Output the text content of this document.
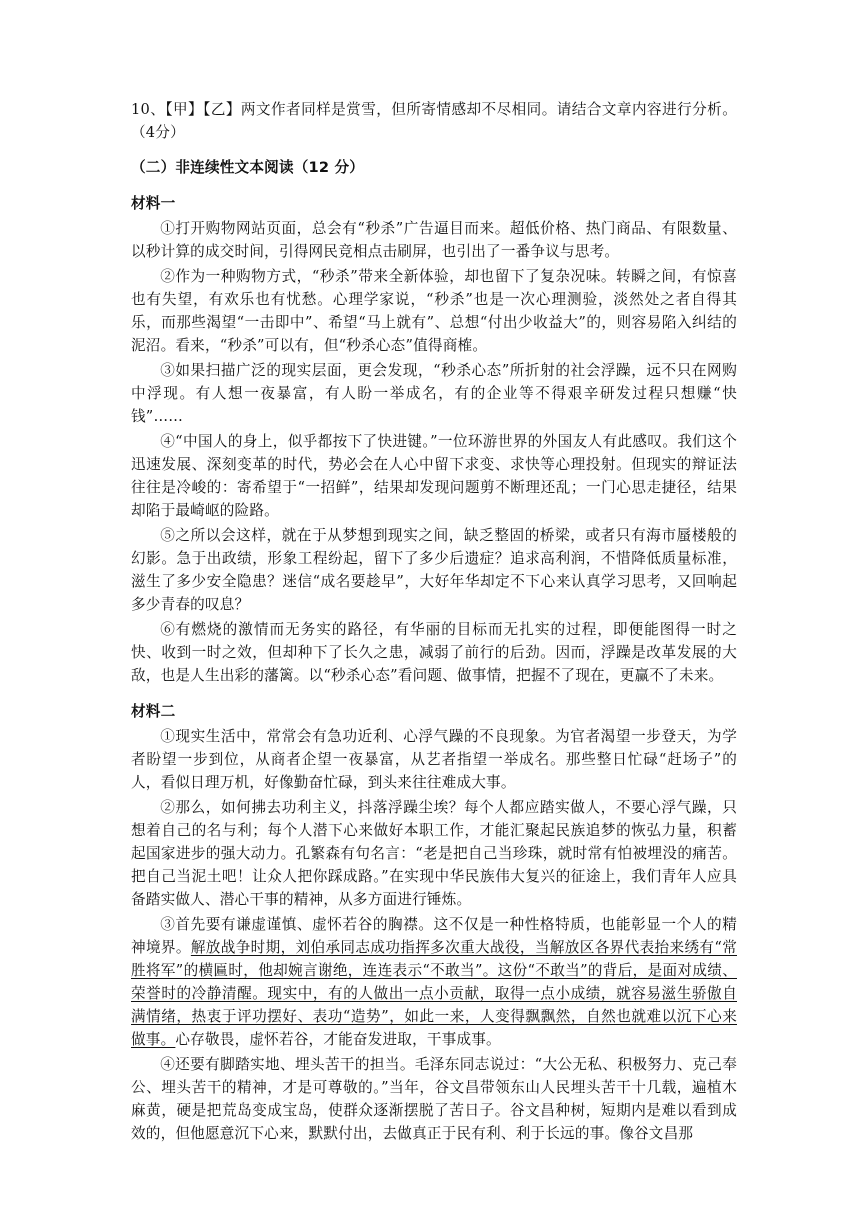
10、【甲】【乙】两文作者同样是赏雪，但所寄情感却不尽相同。请结合文章内容进行分析。（4分）

（二）非连续性文本阅读（12 分）

材料一

①打开购物网站页面，总会有“秒杀”广告逼目而来。超低价格、热门商品、有限数量、以秒计算的成交时间，引得网民竞相点击刷屏，也引出了一番争议与思考。

②作为一种购物方式，“秒杀”带来全新体验，却也留下了复杂况味。转瞬之间，有惊喜也有失望，有欢乐也有忧愁。心理学家说，“秒杀”也是一次心理测验，淡然处之者自得其乐，而那些渴望“一击即中”、希望“马上就有”、总想“付出少收益大”的，则容易陷入纠结的泥沼。看来，“秒杀”可以有，但“秒杀心态”值得商榷。

③如果扫描广泛的现实层面，更会发现，“秒杀心态”所折射的社会浮躁，远不只在网购中浮现。有人想一夜暴富，有人盼一举成名，有的企业等不得艰辛研发过程只想赚“快钱”……

④“中国人的身上，似乎都按下了快进键。”一位环游世界的外国友人有此感叹。我们这个迅速发展、深刻变革的时代，势必会在人心中留下求变、求快等心理投射。但现实的辩证法往往是冷峻的：寄希望于“一招鲜”，结果却发现问题剪不断理还乱；一门心思走捷径，结果却陷于最崎岖的险路。

⑤之所以会这样，就在于从梦想到现实之间，缺乏整固的桥梁，或者只有海市蜃楼般的幻影。急于出政绩，形象工程纷起，留下了多少后遗症？追求高利润，不惜降低质量标准，滋生了多少安全隐患？迷信“成名要趁早”，大好年华却定不下心来认真学习思考，又回响起多少青春的叹息？

⑥有燃烧的激情而无务实的路径，有华丽的目标而无扎实的过程，即便能图得一时之快、收到一时之效，但却种下了长久之患，减弱了前行的后劲。因而，浮躁是改革发展的大敌，也是人生出彩的藩篱。以“秒杀心态”看问题、做事情，把握不了现在，更赢不了未来。

材料二

①现实生活中，常常会有急功近利、心浮气躁的不良现象。为官者渴望一步登天，为学者盼望一步到位，从商者企望一夜暴富，从艺者指望一举成名。那些整日忙碌“赶场子”的人，看似日理万机，好像勤奋忙碌，到头来往往难成大事。

②那么，如何拂去功利主义，抖落浮躁尘埃？每个人都应踏实做人，不要心浮气躁，只想着自己的名与利；每个人潜下心来做好本职工作，才能汇聚起民族追梦的恢弘力量，积蓄起国家进步的强大动力。孔繁森有句名言：“老是把自己当珍珠，就时常有怕被埋没的痛苦。把自己当泥土吧！让众人把你踩成路。”在实现中华民族伟大复兴的征途上，我们青年人应具备踏实做人、潜心干事的精神，从多方面进行锤炼。

③首先要有谦虚谨慎、虚怀若谷的胸襟。这不仅是一种性格特质，也能彰显一个人的精神境界。解放战争时期，刘伯承同志成功指挥多次重大战役，当解放区各界代表抬来绣有“常胜将军”的横匾时，他却婉言谢绝，连连表示“不敢当”。这份“不敢当”的背后，是面对成绩、荣誉时的冷静清醒。现实中，有的人做出一点小贡献，取得一点小成绩，就容易滋生骄傲自满情绪，热衷于评功摆好、表功“造势”，如此一来，人变得飘飘然，自然也就难以沉下心来做事。心存敬畏，虚怀若谷，才能奋发进取，干事成事。

④还要有脚踏实地、埋头苦干的担当。毛泽东同志说过：“大公无私、积极努力、克己奉公、埋头苦干的精神，才是可尊敬的。”当年，谷文昌带领东山人民埋头苦干十几载，遍植木麻黄，硬是把荒岛变成宝岛，使群众逐渐摆脱了苦日子。谷文昌种树，短期内是难以看到成效的，但他愿意沉下心来，默默付出，去做真正于民有利、利于长远的事。像谷文昌那
